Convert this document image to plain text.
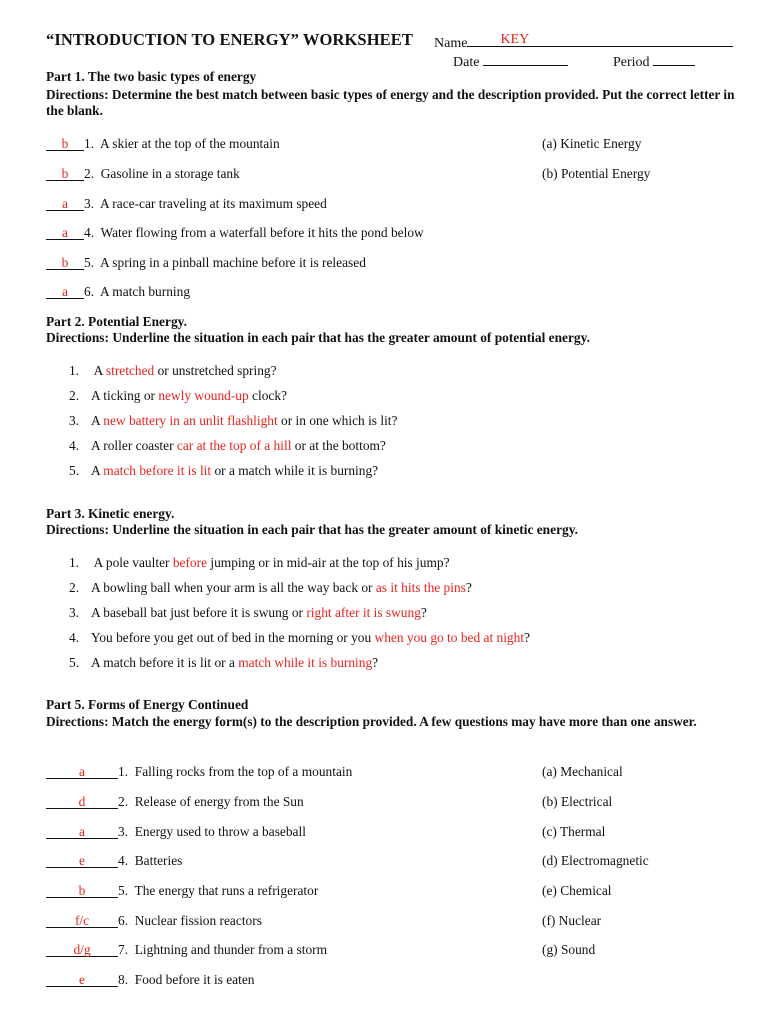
“INTRODUCTION TO ENERGY” WORKSHEET Name KEY
Date	Period
Part 1. The two basic types of energy
Directions: Determine the best match between basic types of energy and the description provided. Put the correct letter in the blank.
b 1. A skier at the top of the mountain
b 2. Gasoline in a storage tank
a 3. A race-car traveling at its maximum speed
a 4. Water flowing from a waterfall before it hits the pond below
b 5. A spring in a pinball machine before it is released
a 6. A match burning
(a) Kinetic Energy
(b) Potential Energy
Part 2. Potential Energy.
Directions: Underline the situation in each pair that has the greater amount of potential energy.
1. A stretched or unstretched spring?
2. A ticking or newly wound-up clock?
3. A new battery in an unlit flashlight or in one which is lit?
4. A roller coaster car at the top of a hill or at the bottom?
5. A match before it is lit or a match while it is burning?
Part 3. Kinetic energy.
Directions: Underline the situation in each pair that has the greater amount of kinetic energy.
1. A pole vaulter before jumping or in mid-air at the top of his jump?
2. A bowling ball when your arm is all the way back or as it hits the pins?
3. A baseball bat just before it is swung or right after it is swung?
4. You before you get out of bed in the morning or you when you go to bed at night?
5. A match before it is lit or a match while it is burning?
Part 5. Forms of Energy Continued
Directions: Match the energy form(s) to the description provided. A few questions may have more than one answer.
a 1. Falling rocks from the top of a mountain
d 2. Release of energy from the Sun
a 3. Energy used to throw a baseball
e 4. Batteries
b 5. The energy that runs a refrigerator
f/c 6. Nuclear fission reactors
d/g 7. Lightning and thunder from a storm
e 8. Food before it is eaten
(a) Mechanical
(b) Electrical
(c) Thermal
(d) Electromagnetic
(e) Chemical
(f) Nuclear
(g) Sound
